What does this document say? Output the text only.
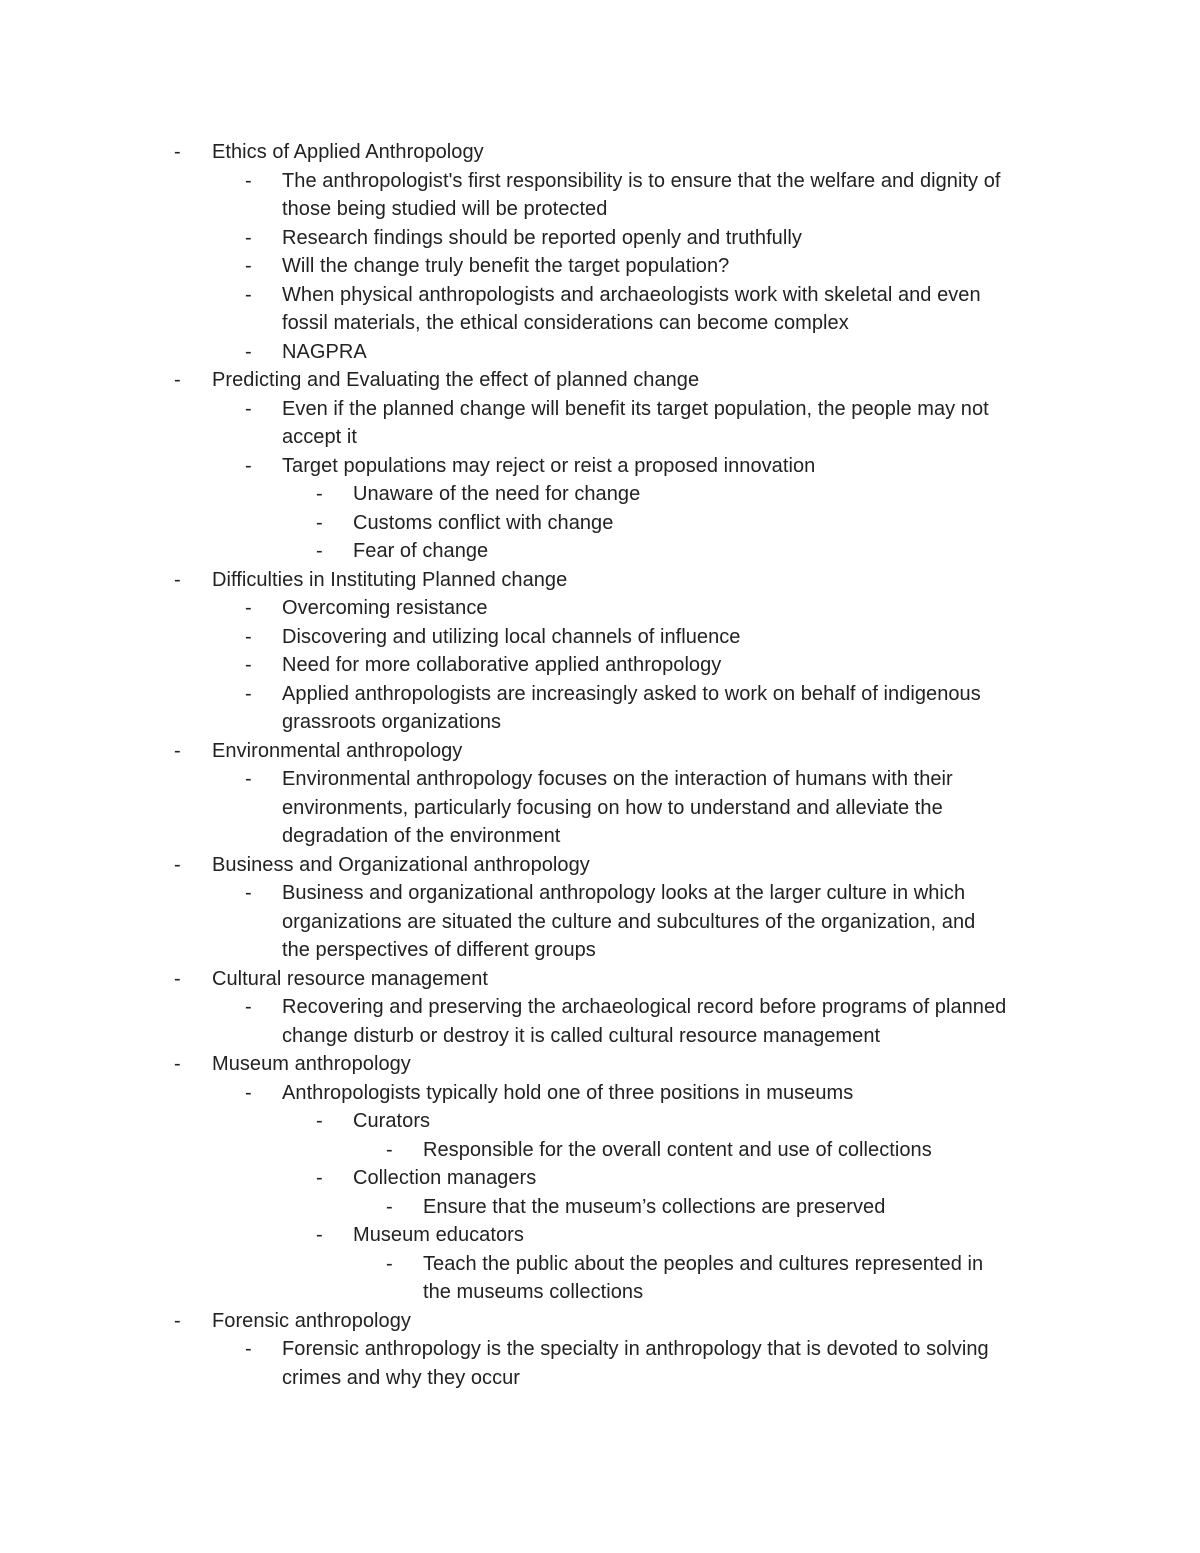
- Ethics of Applied Anthropology
- The anthropologist's first responsibility is to ensure that the welfare and dignity of
those being studied will be protected
- Research findings should be reported openly and truthfully
- Will the change truly benefit the target population?
- When physical anthropologists and archaeologists work with skeletal and even
fossil materials, the ethical considerations can become complex
- NAGPRA
- Predicting and Evaluating the effect of planned change
- Even if the planned change will benefit its target population, the people may not
accept it
- Target populations may reject or reist a proposed innovation
- Unaware of the need for change
- Customs conflict with change
- Fear of change
- Difficulties in Instituting Planned change
- Overcoming resistance
- Discovering and utilizing local channels of influence
- Need for more collaborative applied anthropology
- Applied anthropologists are increasingly asked to work on behalf of indigenous
grassroots organizations
- Environmental anthropology
- Environmental anthropology focuses on the interaction of humans with their
environments, particularly focusing on how to understand and alleviate the
degradation of the environment
- Business and Organizational anthropology
- Business and organizational anthropology looks at the larger culture in which
organizations are situated the culture and subcultures of the organization, and
the perspectives of different groups
- Cultural resource management
- Recovering and preserving the archaeological record before programs of planned
change disturb or destroy it is called cultural resource management
- Museum anthropology
- Anthropologists typically hold one of three positions in museums
- Curators
- Responsible for the overall content and use of collections
- Collection managers
- Ensure that the museum’s collections are preserved
- Museum educators
- Teach the public about the peoples and cultures represented in
the museums collections
- Forensic anthropology
- Forensic anthropology is the specialty in anthropology that is devoted to solving
crimes and why they occur
